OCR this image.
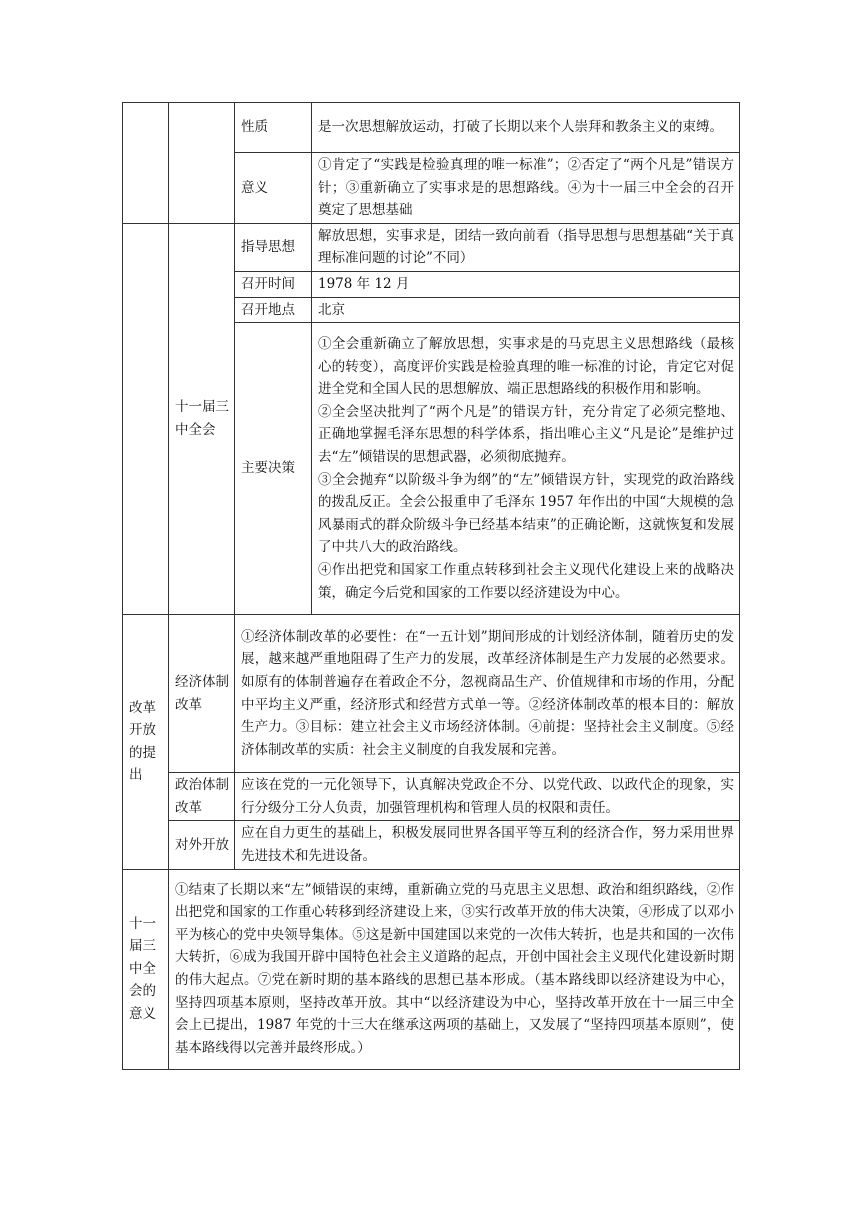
		性质	是一次思想解放运动，打破了长期以来个人崇拜和教条主义的束缚。
		意义	①肯定了“实践是检验真理的唯一标准”；②否定了“两个凡是”错误方针；③重新确立了实事求是的思想路线。④为十一届三中全会的召开奠定了思想基础
	十一届三中全会	指导思想	解放思想，实事求是，团结一致向前看（指导思想与思想基础“关于真理标准问题的讨论”不同）
		召开时间	1978 年 12 月
		召开地点	北京
		主要决策	①全会重新确立了解放思想，实事求是的马克思主义思想路线（最核心的转变），高度评价实践是检验真理的唯一标准的讨论，肯定它对促进全党和全国人民的思想解放、端正思想路线的积极作用和影响。
②全会坚决批判了“两个凡是”的错误方针，充分肯定了必须完整地、正确地掌握毛泽东思想的科学体系，指出唯心主义“凡是论”是维护过去“左”倾错误的思想武器，必须彻底抛弃。
③全会抛弃“以阶级斗争为纲”的“左”倾错误方针，实现党的政治路线的拨乱反正。全会公报重申了毛泽东 1957 年作出的中国“大规模的急风暴雨式的群众阶级斗争已经基本结束”的正确论断，这就恢复和发展了中共八大的政治路线。
④作出把党和国家工作重点转移到社会主义现代化建设上来的战略决策，确定今后党和国家的工作要以经济建设为中心。

改革开放的提出	经济体制改革	①经济体制改革的必要性：在“一五计划”期间形成的计划经济体制，随着历史的发展，越来越严重地阻碍了生产力的发展，改革经济体制是生产力发展的必然要求。如原有的体制普遍存在着政企不分，忽视商品生产、价值规律和市场的作用，分配中平均主义严重，经济形式和经营方式单一等。②经济体制改革的根本目的：解放生产力。③目标：建立社会主义市场经济体制。④前提：坚持社会主义制度。⑤经济体制改革的实质：社会主义制度的自我发展和完善。	
	政治体制改革	应该在党的一元化领导下，认真解决党政企不分、以党代政、以政代企的现象，实行分级分工分人负责，加强管理机构和管理人员的权限和责任。	
	对外开放	应在自力更生的基础上，积极发展同世界各国平等互利的经济合作，努力采用世界先进技术和先进设备。	
十一届三中全会的意义	①结束了长期以来“左”倾错误的束缚，重新确立党的马克思主义思想、政治和组织路线，②作出把党和国家的工作重心转移到经济建设上来，③实行改革开放的伟大决策，④形成了以邓小平为核心的党中央领导集体。⑤这是新中国建国以来党的一次伟大转折，也是共和国的一次伟大转折，⑥成为我国开辟中国特色社会主义道路的起点，开创中国社会主义现代化建设新时期的伟大起点。⑦党在新时期的基本路线的思想已基本形成。（基本路线即以经济建设为中心，坚持四项基本原则，坚持改革开放。其中“以经济建设为中心，坚持改革开放在十一届三中全会上已提出，1987 年党的十三大在继承这两项的基础上，又发展了“坚持四项基本原则”，使基本路线得以完善并最终形成。）		
